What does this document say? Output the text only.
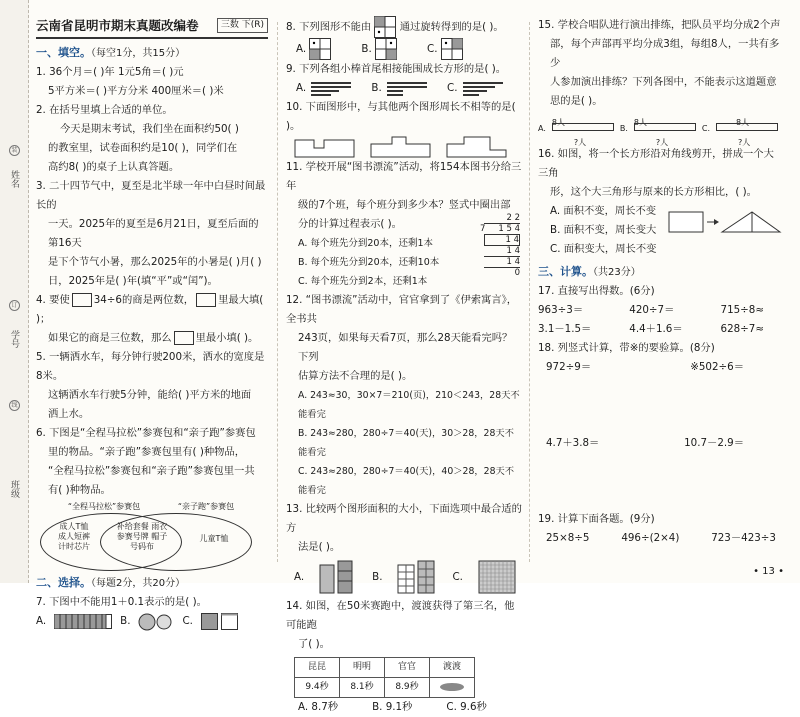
姓名
学号
班级
装
订
线
云南省昆明市期末真题改编卷	三数 下(R)
一、填空。（每空1分，共15分）
1. 36个月＝( )年 1元5角＝( )元
5平方米＝( )平方分米 400厘米＝( )米
2. 在括号里填上合适的单位。
今天是期末考试，我们坐在面积约50( )
的教室里，试卷面积约是10( )，同学们在
高约8( )的桌子上认真答题。
3. 二十四节气中，夏至是北半球一年中白昼时间最长的
一天。2025年的夏至是6月21日，夏至后面的第16天
是下个节气小暑，那么2025年的小暑是( )月( )
日，2025年是( )年(填“平”或“闰”)。
4. 要使 34÷6的商是两位数， 里最大填( )；
如果它的商是三位数，那么 里最小填( )。
5. 一辆洒水车，每分钟行驶200米，洒水的宽度是8米。
这辆洒水车行驶5分钟，能给( )平方米的地面
洒上水。
6. 下图是“全程马拉松”参赛包和“亲子跑”参赛包
里的物品。“亲子跑”参赛包里有( )种物品，
“全程马拉松”参赛包和“亲子跑”参赛包里一共
有( )种物品。
“全程马拉松”参赛包	“亲子跑”参赛包
成人T恤
成人短裤
计时芯片
补给套餐 雨衣
参赛号牌 帽子
号码布
儿童T恤
二、选择。（每题2分，共20分）
7. 下图中不能用1＋0.1表示的是( )。
A.	B.	C.
8. 下列图形不能由	通过旋转得到的是( )。
A.	B.	C.
9. 下列各组小棒首尾相接能围成长方形的是( )。
A.	B.	C.
10. 下面图形中，与其他两个图形周长不相等的是( )。
11. 学校开展“图书漂流”活动，将154本图书分给三年
级的7个班，每个班分到多少本？竖式中圈出部
分的计算过程表示( )。
A. 每个班先分到20本，还剩1本
B. 每个班先分到20本，还剩10本
C. 每个班先分到2本，还剩1本
2 2
7 1 5 4
1 4
1 4
1 4
0
12. “图书漂流”活动中，官官拿到了《伊索寓言》，全书共
243页，如果每天看7页，那么28天能看完吗？下列
估算方法不合理的是( )。
A. 243≈30，30×7＝210(页)，210＜243，28天不能看完
B. 243≈280，280÷7＝40(天)，30＞28，28天不能看完
C. 243≈280，280÷7＝40(天)，40＞28，28天不能看完
13. 比较两个图形面积的大小，下面选项中最合适的方
法是( )。
A.	B.	C.
14. 如图，在50米赛跑中，渡渡获得了第三名，他可能跑
了( )。
昆昆	明明	官官	渡渡
9.4秒	8.1秒	8.9秒	
A. 8.7秒	B. 9.1秒	C. 9.6秒
15. 学校合唱队进行演出排练，把队员平均分成2个声
部，每个声部再平均分成3组，每组8人，一共有多少
人参加演出排练？下列各图中，不能表示这道题意
思的是( )。
A.
8人
?人
B.
8人
?人
C.
8人
?人
16. 如图，将一个长方形沿对角线剪开，拼成一个大三角
形，这个大三角形与原来的长方形相比，( )。
A. 面积不变，周长不变
B. 面积不变，周长变大
C. 面积变大，周长不变
三、计算。（共23分）
17. 直接写出得数。(6分)
963÷3＝	420÷7＝	715÷8≈
3.1－1.5＝	4.4＋1.6＝	628÷7≈
18. 列竖式计算，带※的要验算。(8分)
972÷9＝	※502÷6＝
4.7＋3.8＝	10.7－2.9＝
19. 计算下面各题。(9分)
25×8÷5	496÷(2×4)	723－423÷3
• 13 •
